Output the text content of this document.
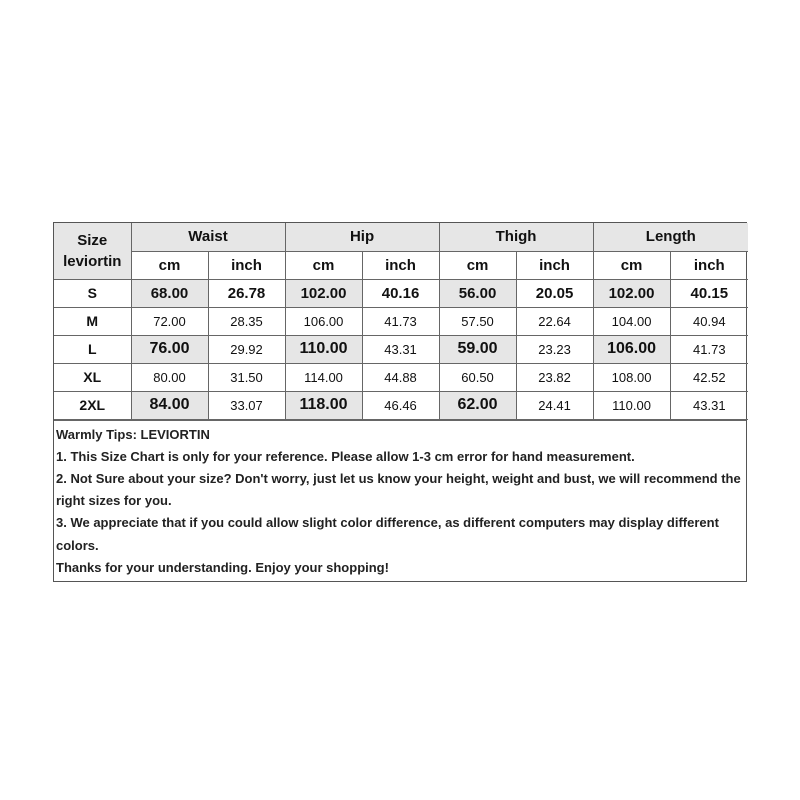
Size
leviortin	Waist		Hip		Thigh		Length	
	cm	inch	cm	inch	cm	inch	cm	inch
S	68.00	26.78	102.00	40.16	56.00	20.05	102.00	40.15
M	72.00	28.35	106.00	41.73	57.50	22.64	104.00	40.94
L	76.00	29.92	110.00	43.31	59.00	23.23	106.00	41.73
XL	80.00	31.50	114.00	44.88	60.50	23.82	108.00	42.52
2XL	84.00	33.07	118.00	46.46	62.00	24.41	110.00	43.31
Warmly Tips: LEVIORTIN
1. This Size Chart is only for your reference. Please allow 1-3 cm error for hand measurement.
2. Not Sure about your size? Don't worry, just let us know your height, weight and bust, we will recommend the right sizes for you.
3. We appreciate that if you could allow slight color difference, as different computers may display different colors.
Thanks for your understanding. Enjoy your shopping!
